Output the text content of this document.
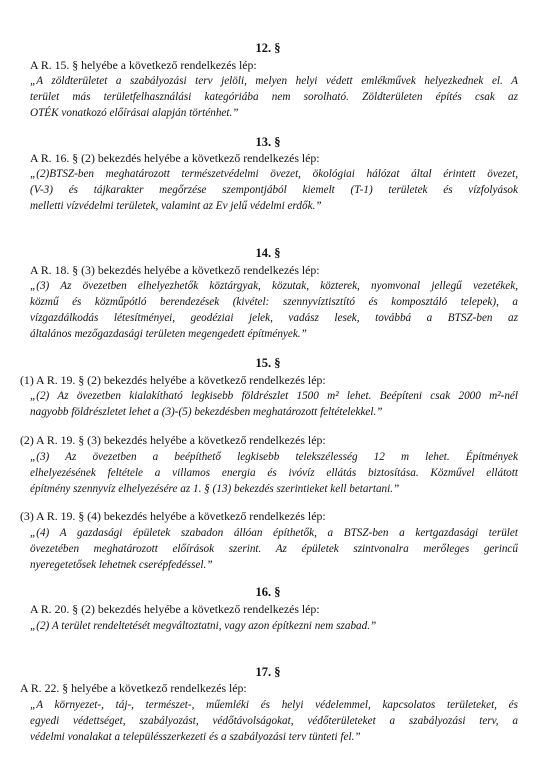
12. §
A R. 15. § helyébe a következő rendelkezés lép:
„A zöldterületet a szabályozási terv jelöli, melyen helyi védett emlékművek helyezkednek el. A
terület más területfelhasználási kategóriába nem sorolható. Zöldterületen építés csak az
OTÉK vonatkozó előírásai alapján történhet.”
13. §
A R. 16. § (2) bekezdés helyébe a következő rendelkezés lép:
„(2)BTSZ-ben meghatározott természetvédelmi övezet, ökológiai hálózat által érintett övezet,
(V-3) és tájkarakter megőrzése szempontjából kiemelt (T-1) területek és vízfolyások
melletti vízvédelmi területek, valamint az Ev jelű védelmi erdők.”
14. §
A R. 18. § (3) bekezdés helyébe a következő rendelkezés lép:
„(3) Az övezetben elhelyezhetők köztárgyak, közutak, közterek, nyomvonal jellegű vezetékek,
közmű és közműpótló berendezések (kivétel: szennyvíztisztító és komposztáló telepek), a
vízgazdálkodás létesítményei, geodéziai jelek, vadász lesek, továbbá a BTSZ-ben az
általános mezőgazdasági területen megengedett építmények.”
15. §
(1) A R. 19. § (2) bekezdés helyébe a következő rendelkezés lép:
„(2) Az övezetben kialakítható legkisebb földrészlet 1500 m² lehet. Beépíteni csak 2000 m²-nél
nagyobb földrészletet lehet a (3)-(5) bekezdésben meghatározott feltételekkel.”
(2) A R. 19. § (3) bekezdés helyébe a következő rendelkezés lép:
„(3) Az övezetben a beépíthető legkisebb telekszélesség 12 m lehet. Építmények
elhelyezésének feltétele a villamos energia és ivóvíz ellátás biztosítása. Közművel ellátott
építmény szennyvíz elhelyezésére az 1. § (13) bekezdés szerintieket kell betartani.”
(3) A R. 19. § (4) bekezdés helyébe a következő rendelkezés lép:
„(4) A gazdasági épületek szabadon állóan építhetők, a BTSZ-ben a kertgazdasági terület
övezetében meghatározott előírások szerint. Az épületek szintvonalra merőleges gerincű
nyeregetetősek lehetnek cserépfedéssel.”
16. §
A R. 20. § (2) bekezdés helyébe a következő rendelkezés lép:
„(2) A terület rendeltetését megváltoztatni, vagy azon építkezni nem szabad.”
17. §
A R. 22. § helyébe a következő rendelkezés lép:
„A környezet-, táj-, természet-, műemléki és helyi védelemmel, kapcsolatos területeket, és
egyedi védettséget, szabályozást, védőtávolságokat, védőterületeket a szabályozási terv, a
védelmi vonalakat a településszerkezeti és a szabályozási terv tünteti fel.”
